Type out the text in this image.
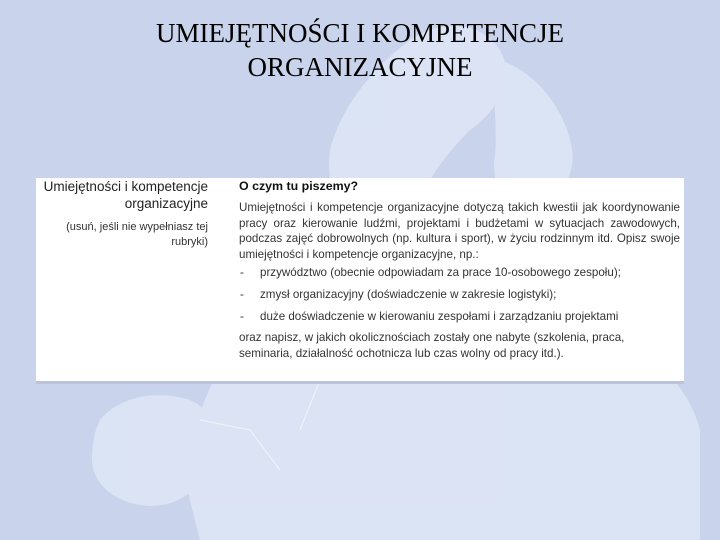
UMIEJĘTNOŚCI I KOMPETENCJE
ORGANIZACYJNE
Umiejętności i kompetencje organizacyjne
(usuń, jeśli nie wypełniasz tej rubryki)
O czym tu piszemy?
Umiejętności i kompetencje organizacyjne dotyczą takich kwestii jak koordynowanie pracy oraz kierowanie ludźmi, projektami i budżetami w sytuacjach zawodowych, podczas zajęć dobrowolnych (np. kultura i sport), w życiu rodzinnym itd. Opisz swoje umiejętności i kompetencje organizacyjne, np.:
- przywództwo (obecnie odpowiadam za prace 10-osobowego zespołu);
- zmysł organizacyjny (doświadczenie w zakresie logistyki);
- duże doświadczenie w kierowaniu zespołami i zarządzaniu projektami
oraz napisz, w jakich okolicznościach zostały one nabyte (szkolenia, praca, seminaria, działalność ochotnicza lub czas wolny od pracy itd.).
